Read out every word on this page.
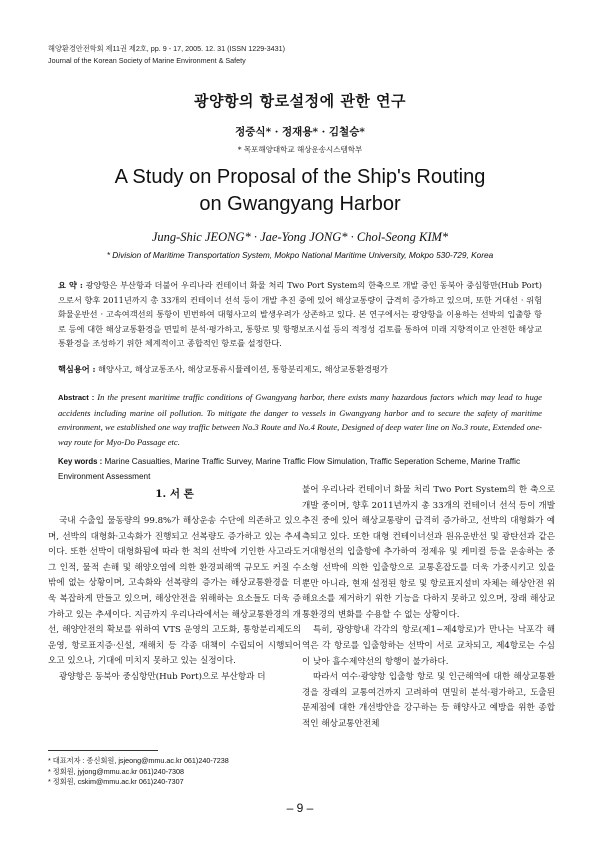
해양환경안전학회 제11권 제2호, pp. 9 - 17, 2005. 12. 31 (ISSN 1229-3431)
Journal of the Korean Society of Marine Environment & Safety
광양항의 항로설정에 관한 연구
정중식* · 정재용* · 김철승*
* 목포해양대학교 해상운송시스템학부
A Study on Proposal of the Ship's Routing
on Gwangyang Harbor
Jung-Shic JEONG* · Jae-Yong JONG* · Chol-Seong KIM*
* Division of Maritime Transportation System, Mokpo National Maritime University, Mokpo 530-729, Korea
요 약 : 광양항은 부산항과 더불어 우리나라 컨테이너 화물 처리 Two Port System의 한축으로 개발 중인 동북아 중심항만(Hub Port)으로서 향후 2011년까지 총 33개의 컨테이너 선석 등이 개발 추진 중에 있어 해상교통량이 급격히 증가하고 있으며, 또한 거대선 · 위험화물운반선 · 고속여객선의 통항이 빈번하여 대형사고의 발생우려가 상존하고 있다. 본 연구에서는 광양항을 이용하는 선박의 입출항 항로 등에 대한 해상교통환경을 면밀히 분석·평가하고, 통항로 및 항행보조시설 등의 적정성 검토를 통하여 미래 지향적이고 안전한 해상교통환경을 조성하기 위한 체계적이고 종합적인 항로를 설정한다.
핵심용어 : 해양사고, 해상교통조사, 해상교통류시뮬레이션, 통항분리제도, 해상교통환경평가
Abstract : In the present maritime traffic conditions of Gwangyang harbor, there exists many hazardous factors which may lead to huge accidents including marine oil pollution. To mitigate the danger to vessels in Gwangyang harbor and to secure the safety of maritime environment, we established one way traffic between No.3 Route and No.4 Route, Designed of deep water line on No.3 route, Extended one-way route for Myo-Do Passage etc.
Key words : Marine Casualties, Marine Traffic Survey, Marine Traffic Flow Simulation, Traffic Seperation Scheme, Marine Traffic Environment Assessment
1. 서 론

국내 수출입 물동량의 99.8%가 해상운송 수단에 의존하고 있으며, 선박의 대형화·고속화가 진행되고 선복량도 증가하고 있는 추세이다. 또한 선박이 대형화됨에 따라 한 척의 선박에 기인한 사고라도 그 인적, 물적 손해 및 해양오염에 의한 환경피해액 규모도 커질 수밖에 없는 상황이며, 고속화와 선복량의 증가는 해상교통환경을 더욱 복잡하게 만들고 있으며, 해상안전을 위해하는 요소들도 더욱 증가하고 있는 추세이다. 지금까지 우리나라에서는 해상교통환경의 개선, 해양안전의 확보를 위하여 VTS 운영의 고도화, 통항분리제도의 운영, 항로표지증·신설, 재해치 등 각종 대책이 수립되어 시행되어 오고 있으나, 기대에 미치지 못하고 있는 실정이다.

광양항은 동북아 중심항만(Hub Port)으로 부산항과 더

불어 우리나라 컨테이너 화물 처리 Two Port System의 한 축으로 개발 중이며, 향후 2011년까지 총 33개의 컨테이너 선석 등이 개발 추진 중에 있어 해상교통량이 급격히 증가하고, 선박의 대형화가 예측되고 있다. 또한 대형 컨테이너선과 원유운반선 및 광탄선과 같은 거대형선의 입출항에 추가하여 정제유 및 케미컬 등을 운송하는 중소형 선박에 의한 입출항으로 교통혼잡도를 더욱 가중시키고 있을 뿐만 아니라, 현재 설정된 항로 및 항로표지설비 자체는 해상안전 위해요소를 제거하기 위한 기능을 다하지 못하고 있으며, 장래 해상교통환경의 변화를 수용할 수 없는 상황이다.

특히, 광양항내 각각의 항로(제1~제4항로)가 만나는 낙포각 해역은 각 항로를 입출항하는 선박이 서로 교차되고, 제4항로는 수심이 낮아 흘수제약선의 항행이 불가하다.

따라서 여수·광양항 입출항 항로 및 인근해역에 대한 해상교통환경을 장래의 교통여건까지 고려하여 면밀히 분석·평가하고, 도출된 문제점에 대한 개선방안을 강구하는 등 해양사고 예방을 위한 종합적인 해상교통안전체

* 대표저자 : 종신회원, jsjeong@mmu.ac.kr 061)240-7238
* 정회원, jyjong@mmu.ac.kr 061)240-7308
* 정회원, cskim@mmu.ac.kr 061)240-7307
– 9 –
